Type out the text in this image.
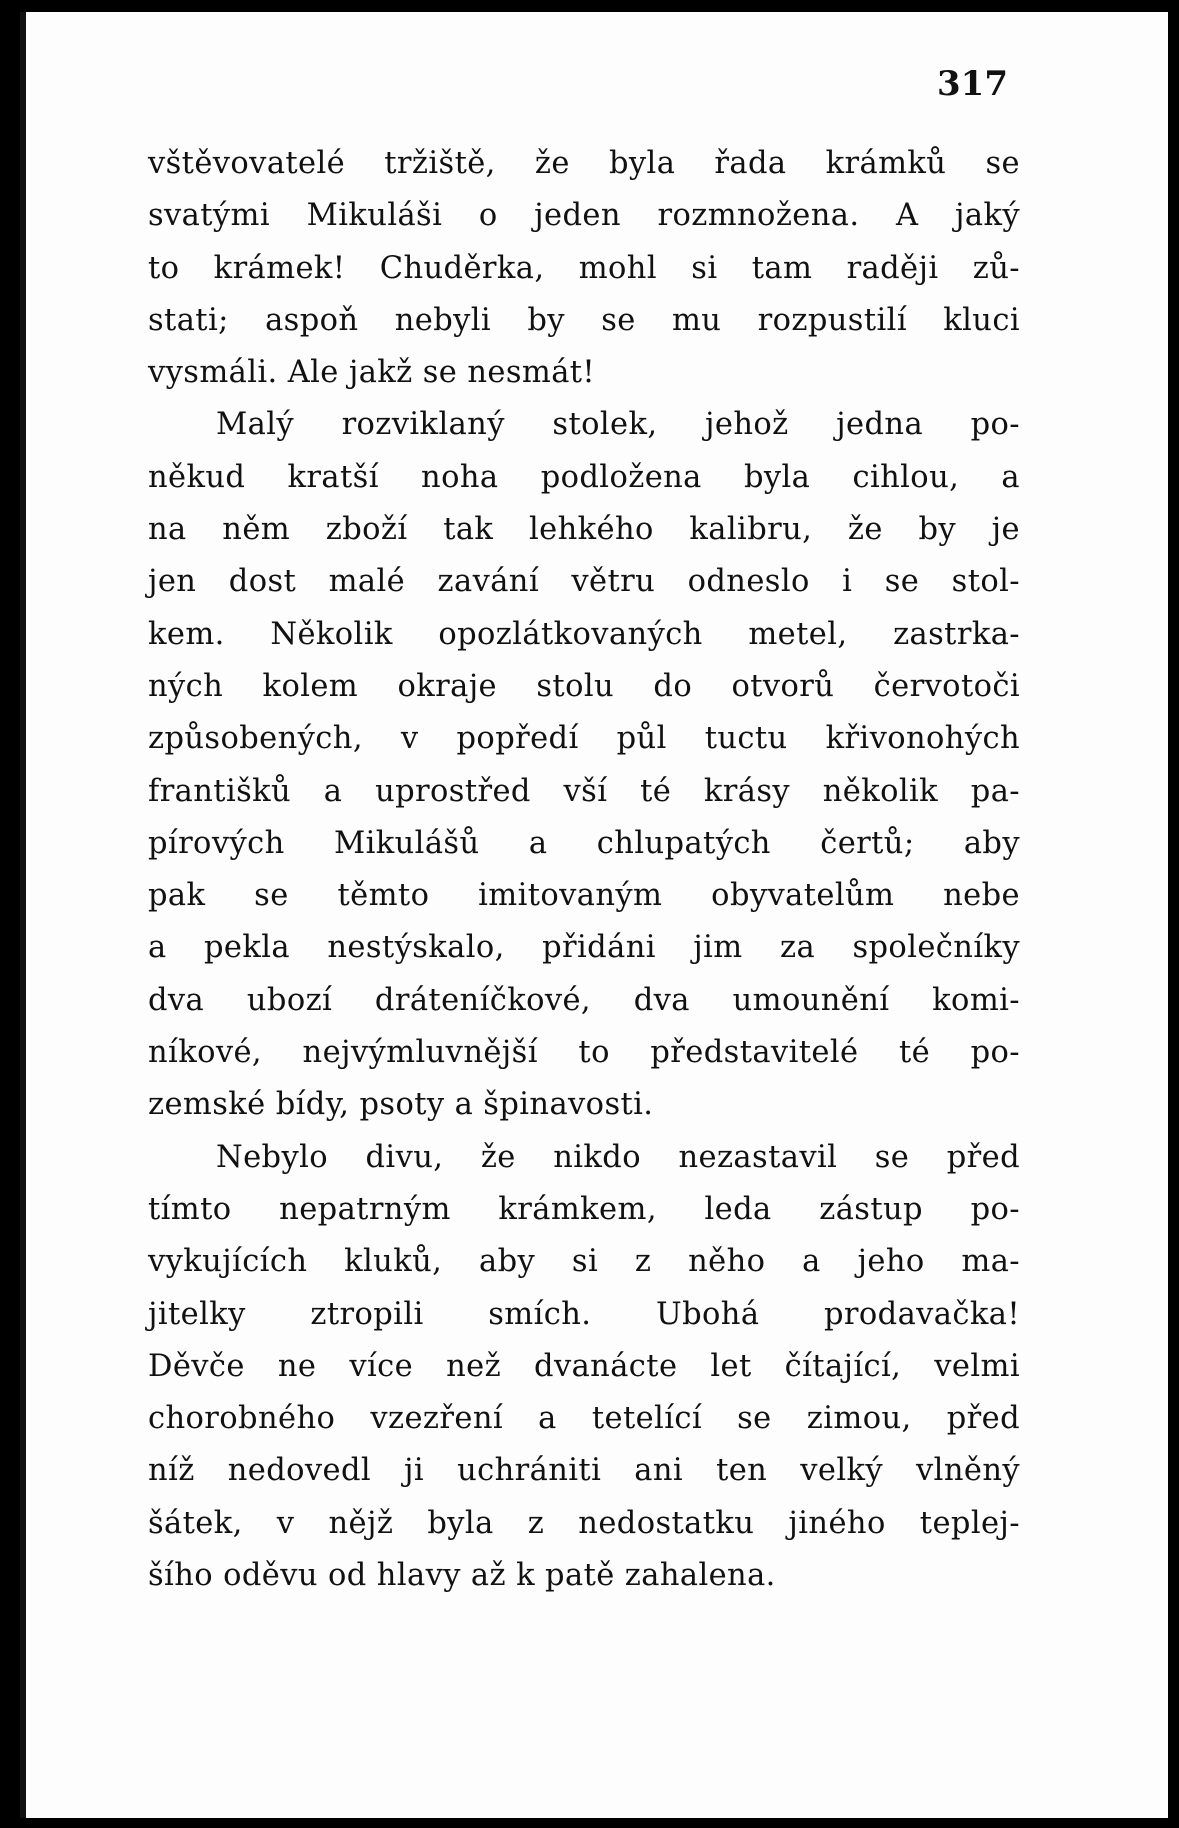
317
vštěvovatelé tržiště, že byla řada krámků se
svatými Mikuláši o jeden rozmnožena. A jaký
to krámek! Chuděrka, mohl si tam raději zů-
stati; aspoň nebyli by se mu rozpustilí kluci
vysmáli. Ale jakž se nesmát!
Malý rozviklaný stolek, jehož jedna po-
někud kratší noha podložena byla cihlou, a
na něm zboží tak lehkého kalibru, že by je
jen dost malé zavání větru odneslo i se stol-
kem. Několik opozlátkovaných metel, zastrka-
ných kolem okraje stolu do otvorů červotoči
způsobených, v popředí půl tuctu křivonohých
františků a uprostřed vší té krásy několik pa-
pírových Mikulášů a chlupatých čertů; aby
pak se těmto imitovaným obyvatelům nebe
a pekla nestýskalo, přidáni jim za společníky
dva ubozí dráteníčkové, dva umounění komi-
níkové, nejvýmluvnější to představitelé té po-
zemské bídy, psoty a špinavosti.
Nebylo divu, že nikdo nezastavil se před
tímto nepatrným krámkem, leda zástup po-
vykujících kluků, aby si z něho a jeho ma-
jitelky ztropili smích. Ubohá prodavačka!
Děvče ne více než dvanácte let čítající, velmi
chorobného vzezření a tetelící se zimou, před
níž nedovedl ji uchrániti ani ten velký vlněný
šátek, v nějž byla z nedostatku jiného teplej-
šího oděvu od hlavy až k patě zahalena.
